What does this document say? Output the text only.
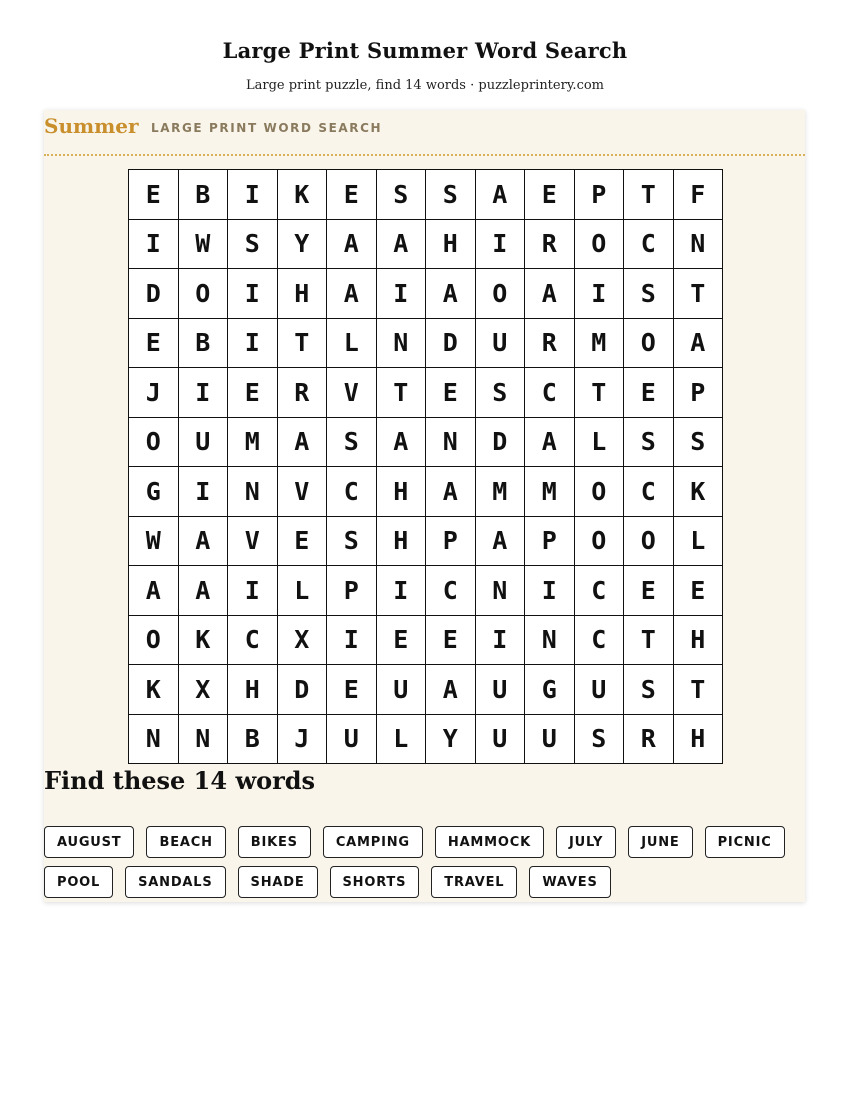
Large Print Summer Word Search
Large print puzzle, find 14 words · puzzleprintery.com
Summer LARGE PRINT WORD SEARCH
E	B	I	K	E	S	S	A	E	P	T	F
I	W	S	Y	A	A	H	I	R	O	C	N
D	O	I	H	A	I	A	O	A	I	S	T
E	B	I	T	L	N	D	U	R	M	O	A
J	I	E	R	V	T	E	S	C	T	E	P
O	U	M	A	S	A	N	D	A	L	S	S
G	I	N	V	C	H	A	M	M	O	C	K
W	A	V	E	S	H	P	A	P	O	O	L
A	A	I	L	P	I	C	N	I	C	E	E
O	K	C	X	I	E	E	I	N	C	T	H
K	X	H	D	E	U	A	U	G	U	S	T
N	N	B	J	U	L	Y	U	U	S	R	H
Find these 14 words
AUGUST	BEACH	BIKES	CAMPING	HAMMOCK	JULY	JUNE	PICNIC
POOL	SANDALS	SHADE	SHORTS	TRAVEL	WAVES
